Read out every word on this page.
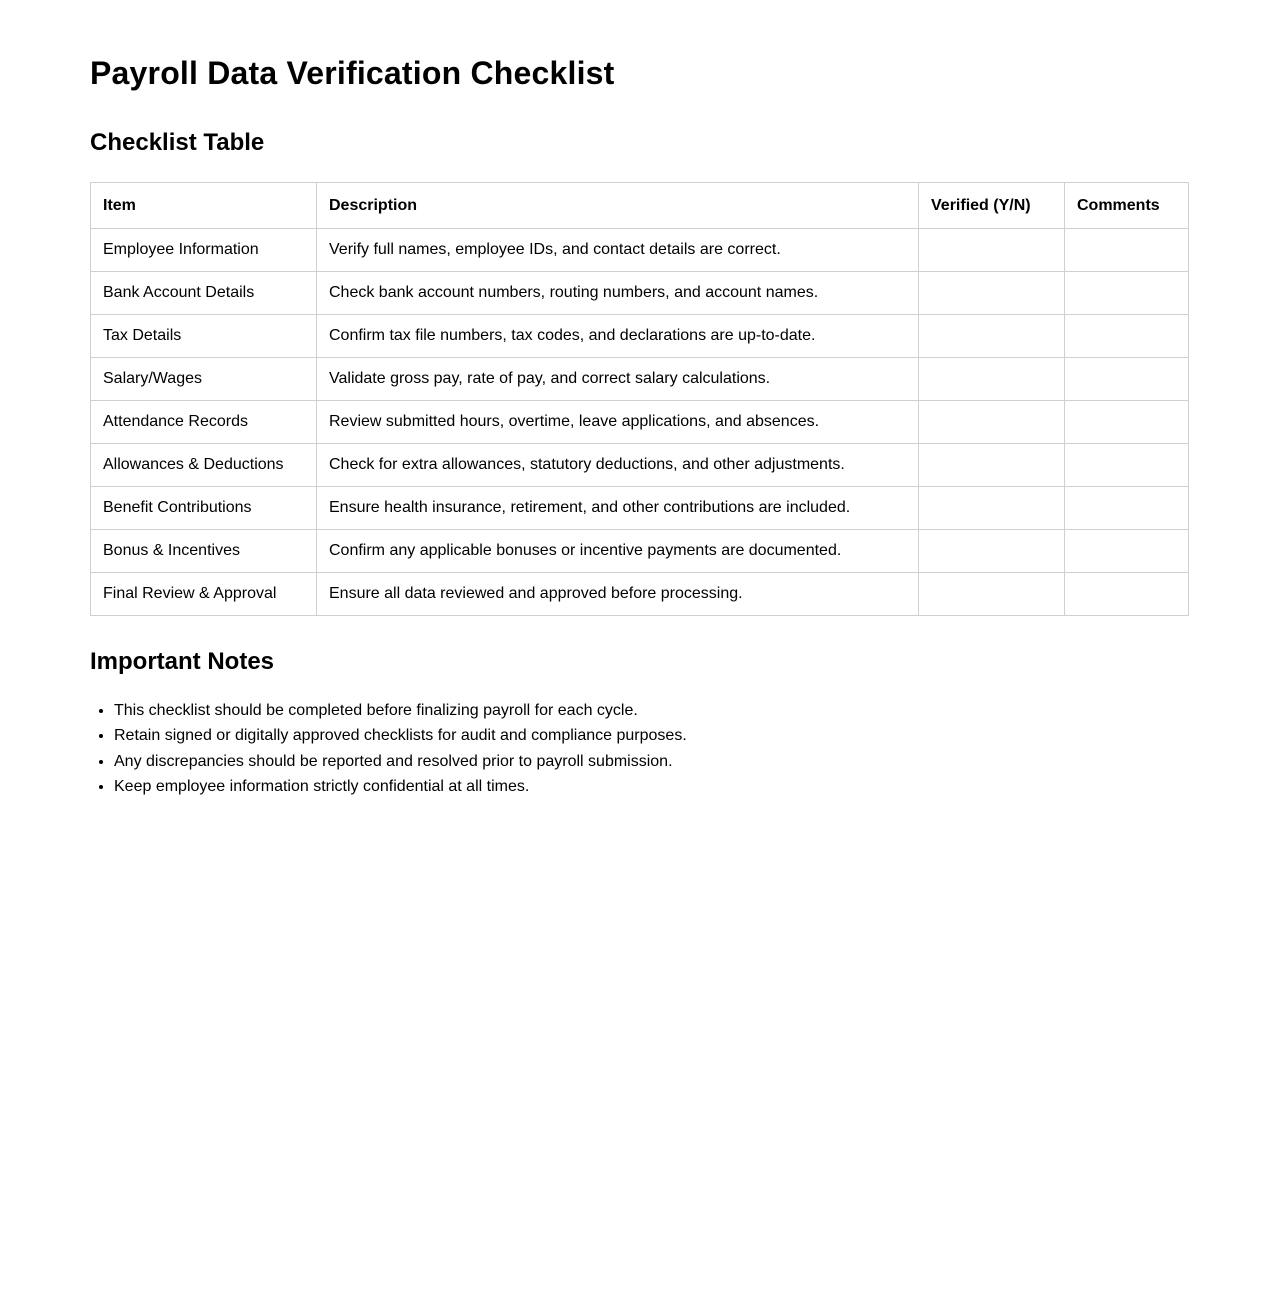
Payroll Data Verification Checklist
Checklist Table
Item	Description	Verified (Y/N)	Comments
Employee Information	Verify full names, employee IDs, and contact details are correct.		
Bank Account Details	Check bank account numbers, routing numbers, and account names.		
Tax Details	Confirm tax file numbers, tax codes, and declarations are up-to-date.		
Salary/Wages	Validate gross pay, rate of pay, and correct salary calculations.		
Attendance Records	Review submitted hours, overtime, leave applications, and absences.		
Allowances & Deductions	Check for extra allowances, statutory deductions, and other adjustments.		
Benefit Contributions	Ensure health insurance, retirement, and other contributions are included.		
Bonus & Incentives	Confirm any applicable bonuses or incentive payments are documented.		
Final Review & Approval	Ensure all data reviewed and approved before processing.		
Important Notes
• This checklist should be completed before finalizing payroll for each cycle.
• Retain signed or digitally approved checklists for audit and compliance purposes.
• Any discrepancies should be reported and resolved prior to payroll submission.
• Keep employee information strictly confidential at all times.
